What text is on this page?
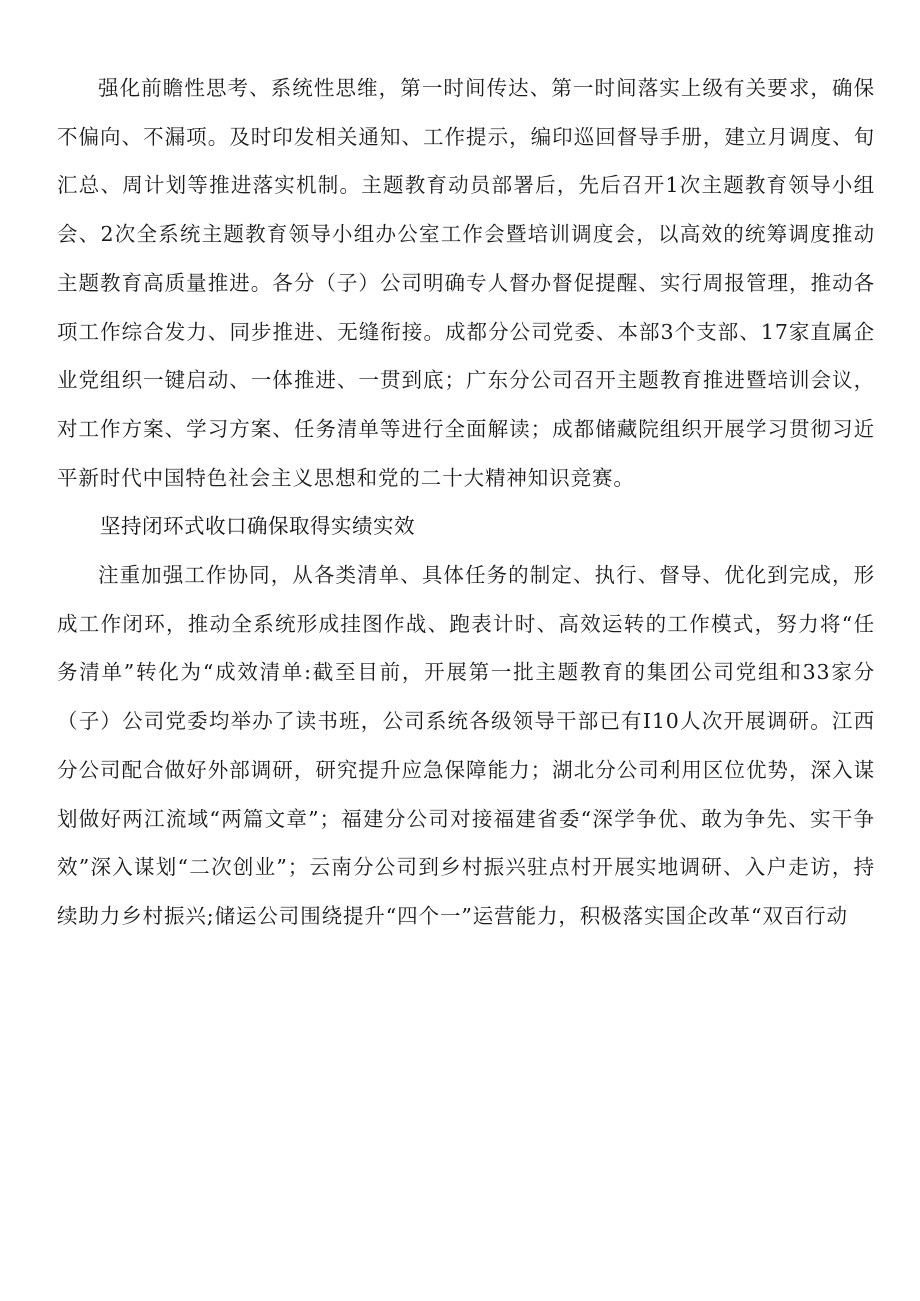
强化前瞻性思考、系统性思维，第一时间传达、第一时间落实上级有关要求，确保不偏向、不漏项。及时印发相关通知、工作提示，编印巡回督导手册，建立月调度、旬汇总、周计划等推进落实机制。主题教育动员部署后，先后召开1次主题教育领导小组会、2次全系统主题教育领导小组办公室工作会暨培训调度会，以高效的统筹调度推动主题教育高质量推进。各分（子）公司明确专人督办督促提醒、实行周报管理，推动各项工作综合发力、同步推进、无缝衔接。成都分公司党委、本部3个支部、17家直属企业党组织一键启动、一体推进、一贯到底；广东分公司召开主题教育推进暨培训会议，对工作方案、学习方案、任务清单等进行全面解读；成都储藏院组织开展学习贯彻习近平新时代中国特色社会主义思想和党的二十大精神知识竞赛。

坚持闭环式收口确保取得实绩实效

注重加强工作协同，从各类清单、具体任务的制定、执行、督导、优化到完成，形成工作闭环，推动全系统形成挂图作战、跑表计时、高效运转的工作模式，努力将“任务清单”转化为“成效清单:截至目前，开展第一批主题教育的集团公司党组和33家分（子）公司党委均举办了读书班，公司系统各级领导干部已有I10人次开展调研。江西分公司配合做好外部调研，研究提升应急保障能力；湖北分公司利用区位优势，深入谋划做好两江流域“两篇文章”；福建分公司对接福建省委“深学争优、敢为争先、实干争效”深入谋划“二次创业”；云南分公司到乡村振兴驻点村开展实地调研、入户走访，持续助力乡村振兴;储运公司围绕提升“四个一”运营能力，积极落实国企改革“双百行动
